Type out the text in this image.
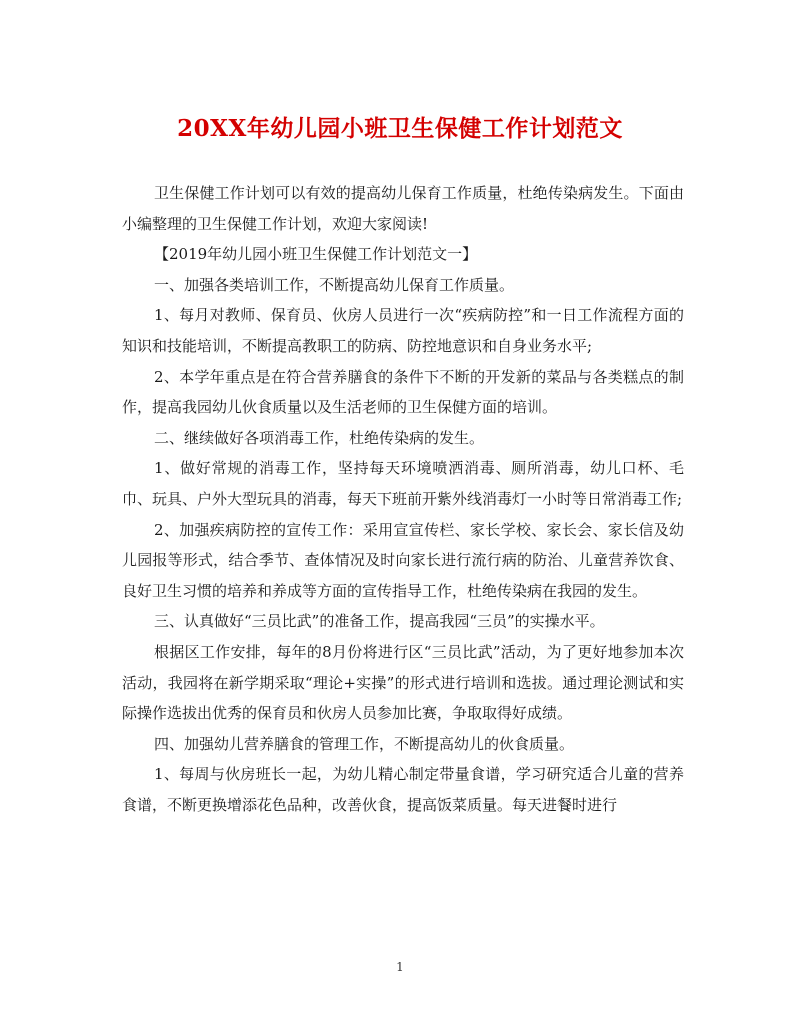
20XX年幼儿园小班卫生保健工作计划范文

卫生保健工作计划可以有效的提高幼儿保育工作质量，杜绝传染病发生。下面由小编整理的卫生保健工作计划，欢迎大家阅读!

【2019年幼儿园小班卫生保健工作计划范文一】

一、加强各类培训工作，不断提高幼儿保育工作质量。

1、每月对教师、保育员、伙房人员进行一次“疾病防控”和一日工作流程方面的知识和技能培训，不断提高教职工的防病、防控地意识和自身业务水平;

2、本学年重点是在符合营养膳食的条件下不断的开发新的菜品与各类糕点的制作，提高我园幼儿伙食质量以及生活老师的卫生保健方面的培训。

二、继续做好各项消毒工作，杜绝传染病的发生。

1、做好常规的消毒工作，坚持每天环境喷洒消毒、厕所消毒，幼儿口杯、毛巾、玩具、户外大型玩具的消毒，每天下班前开紫外线消毒灯一小时等日常消毒工作;

2、加强疾病防控的宣传工作：采用宣宣传栏、家长学校、家长会、家长信及幼儿园报等形式，结合季节、查体情况及时向家长进行流行病的防治、儿童营养饮食、良好卫生习惯的培养和养成等方面的宣传指导工作，杜绝传染病在我园的发生。

三、认真做好“三员比武”的准备工作，提高我园“三员”的实操水平。

根据区工作安排，每年的8月份将进行区“三员比武”活动，为了更好地参加本次活动，我园将在新学期采取“理论+实操”的形式进行培训和选拔。通过理论测试和实际操作选拔出优秀的保育员和伙房人员参加比赛，争取取得好成绩。

四、加强幼儿营养膳食的管理工作，不断提高幼儿的伙食质量。

1、每周与伙房班长一起，为幼儿精心制定带量食谱，学习研究适合儿童的营养食谱，不断更换增添花色品种，改善伙食，提高饭菜质量。每天进餐时进行

1
